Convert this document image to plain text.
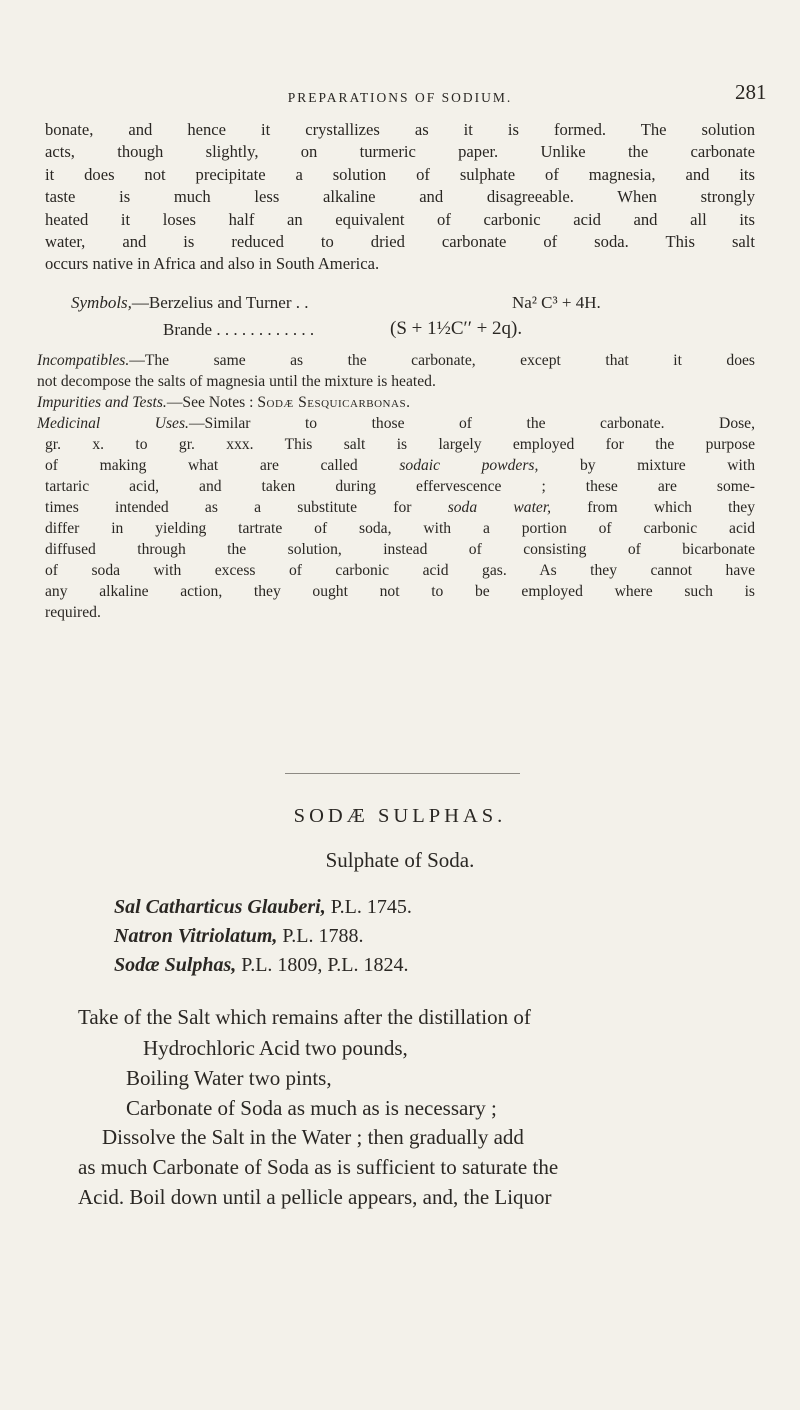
PREPARATIONS OF SODIUM.	281

bonate, and hence it crystallizes as it is formed. The solution
acts, though slightly, on turmeric paper. Unlike the carbonate
it does not precipitate a solution of sulphate of magnesia, and its
taste is much less alkaline and disagreeable. When strongly
heated it loses half an equivalent of carbonic acid and all its
water, and is reduced to dried carbonate of soda. This salt
occurs native in Africa and also in South America.

Symbols,—Berzelius and Turner . .	Na² C³ + 4H.
Brande . . . . . . . . . . . .	(S + 1½C′′ + 2q).
Incompatibles.—The same as the carbonate, except that it does
not decompose the salts of magnesia until the mixture is heated.
Impurities and Tests.—See Notes : Sodæ Sesquicarbonas.
Medicinal Uses.—Similar to those of the carbonate. Dose,
gr. x. to gr. xxx. This salt is largely employed for the purpose
of making what are called sodaic powders, by mixture with
tartaric acid, and taken during effervescence ; these are some-
times intended as a substitute for soda water, from which they
differ in yielding tartrate of soda, with a portion of carbonic acid
diffused through the solution, instead of consisting of bicarbonate
of soda with excess of carbonic acid gas. As they cannot have
any alkaline action, they ought not to be employed where such is
required.
SODÆ SULPHAS.
Sulphate of Soda.
Sal Catharticus Glauberi, P.L. 1745.
Natron Vitriolatum, P.L. 1788.
Sodæ Sulphas, P.L. 1809, P.L. 1824.
Take of the Salt which remains after the distillation of
Hydrochloric Acid two pounds,
Boiling Water two pints,
Carbonate of Soda as much as is necessary ;
Dissolve the Salt in the Water ; then gradually add
as much Carbonate of Soda as is sufficient to saturate the
Acid. Boil down until a pellicle appears, and, the Liquor
